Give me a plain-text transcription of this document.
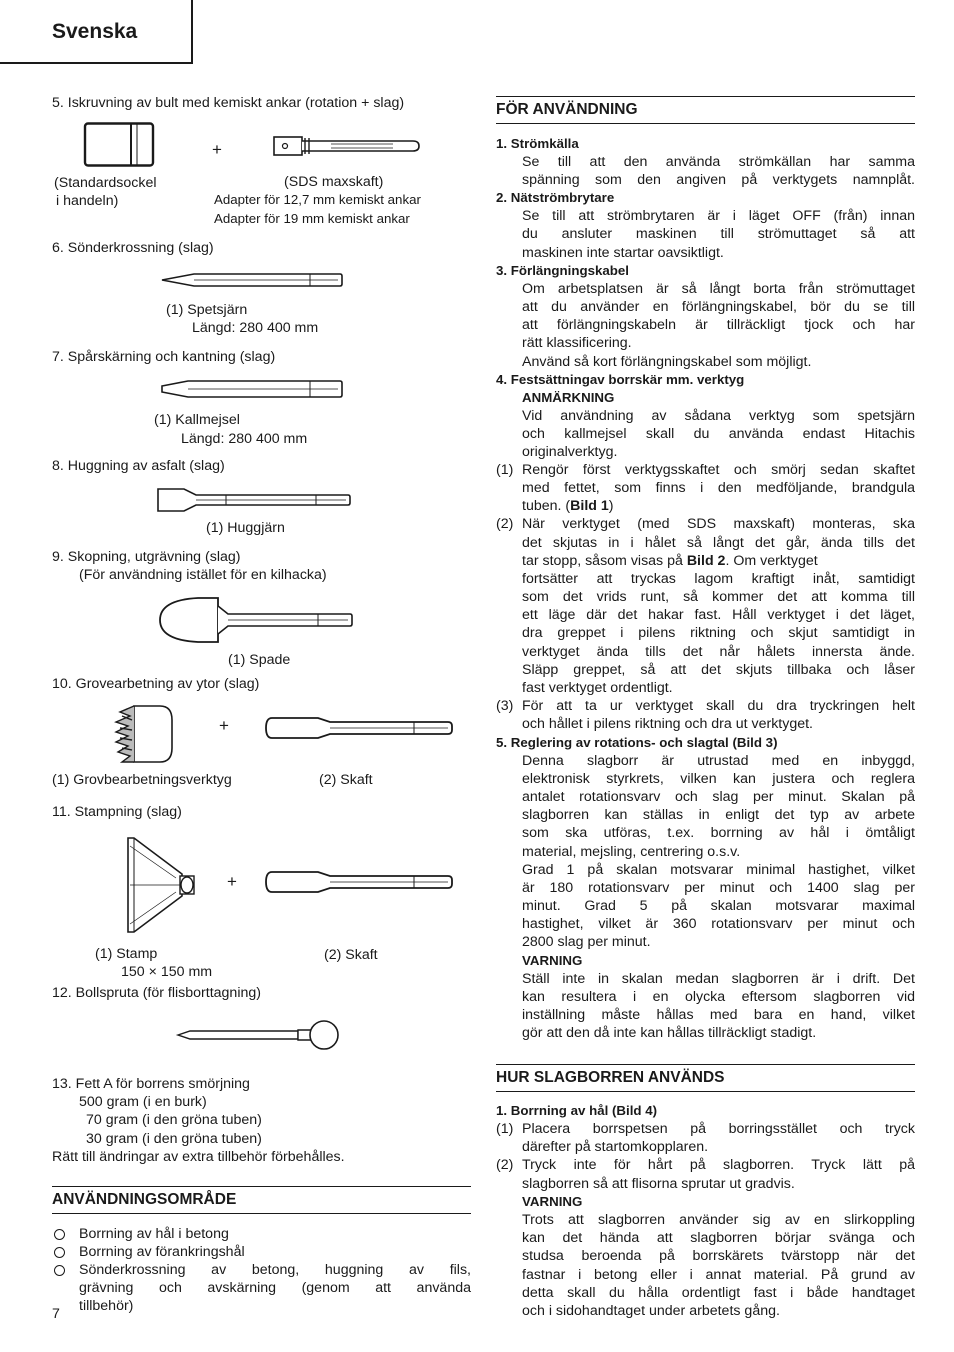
Svenska
7
5. Iskruvning av bult med kemiskt ankar (rotation + slag)
+
(Standardsockel
i handeln)
(SDS maxskaft)
Adapter för 12,7 mm kemiskt ankar
Adapter för 19 mm kemiskt ankar
6. Sönderkrossning (slag)
(1) Spetsjärn
Längd: 280 400 mm
7. Spårskärning och kantning (slag)
(1) Kallmejsel
Längd: 280 400 mm
8. Huggning av asfalt (slag)
(1) Huggjärn
9. Skopning, utgrävning (slag)
(För användning istället för en kilhacka)
(1) Spade
10. Grovearbetning av ytor (slag)
+
(1) Grovbearbetningsverktyg	(2) Skaft
11. Stampning (slag)
+
(1) Stamp
150 × 150 mm
(2) Skaft
12. Bollspruta (för flisborttagning)
13. Fett A för borrens smörjning
500 gram (i en burk)
70 gram (i den gröna tuben)
30 gram (i den gröna tuben)
Rätt till ändringar av extra tillbehör förbehålles.
ANVÄNDNINGSOMRÅDE
Borrning av hål i betong
Borrning av förankringshål
Sönderkrossning av betong, huggning av fils,
grävning och avskärning (genom att använda
tillbehör)
FÖR ANVÄNDNING
1. Strömkälla
Se till att den använda strömkällan har samma
spänning som den angiven på verktygets namnplåt.
2. Nätströmbrytare
Se till att strömbrytaren är i läget OFF (från) innan
du ansluter maskinen till strömuttaget så att
maskinen inte startar oavsiktligt.
3. Förlängningskabel
Om arbetsplatsen är så långt borta från strömuttaget
att du använder en förlängningskabel, bör du se till
att förlängningskabeln är tillräckligt tjock och har
rätt klassificering.
Använd så kort förlängningskabel som möjligt.
4. Festsättningav borrskär mm. verktyg
ANMÄRKNING
Vid användning av sådana verktyg som spetsjärn
och kallmejsel skall du använda endast Hitachis
originalverktyg.
(1) Rengör först verktygsskaftet och smörj sedan skaftet
med fettet, som finns i den medföljande, brandgula
tuben. (Bild 1)
(2) När verktyget (med SDS maxskaft) monteras, ska
det skjutas in i hålet så långt det går, ända tills det
tar stopp, såsom visas på Bild 2. Om verktyget
fortsätter att tryckas lagom kraftigt inåt, samtidigt
som det vrids runt, så kommer det att komma till
ett läge där det hakar fast. Håll verktyget i det läget,
dra greppet i pilens riktning och skjut samtidigt in
verktyget ända tills det når hålets innersta ände.
Släpp greppet, så att det skjuts tillbaka och låser
fast verktyget ordentligt.
(3) För att ta ur verktyget skall du dra tryckringen helt
och hållet i pilens riktning och dra ut verktyget.
5. Reglering av rotations- och slagtal (Bild 3)
Denna slagborr är utrustad med en inbyggd,
elektronisk styrkrets, vilken kan justera och reglera
antalet rotationsvarv och slag per minut. Skalan på
slagborren kan ställas in enligt det typ av arbete
som ska utföras, t.ex. borrning av hål i ömtåligt
material, mejsling, centrering o.s.v.
Grad 1 på skalan motsvarar minimal hastighet, vilket
är 180 rotationsvarv per minut och 1400 slag per
minut. Grad 5 på skalan motsvarar maximal
hastighet, vilket är 360 rotationsvarv per minut och
2800 slag per minut.
VARNING
Ställ inte in skalan medan slagborren är i drift. Det
kan resultera i en olycka eftersom slagborren vid
inställning måste hållas med bara en hand, vilket
gör att den då inte kan hållas tillräckligt stadigt.
HUR SLAGBORREN ANVÄNDS
1. Borrning av hål (Bild 4)
(1) Placera borrspetsen på borringsstället och tryck
därefter på startomkopplaren.
(2) Tryck inte för hårt på slagborren. Tryck lätt på
slagborren så att flisorna sprutar ut gradvis.
VARNING
Trots att slagborren använder sig av en slirkoppling
kan det hända att slagborren börjar svänga och
studsa beroenda på borrskärets tvärstopp när det
fastnar i betong eller i annat material. På grund av
detta skall du hålla ordentligt fast i både handtaget
och i sidohandtaget under arbetets gång.
